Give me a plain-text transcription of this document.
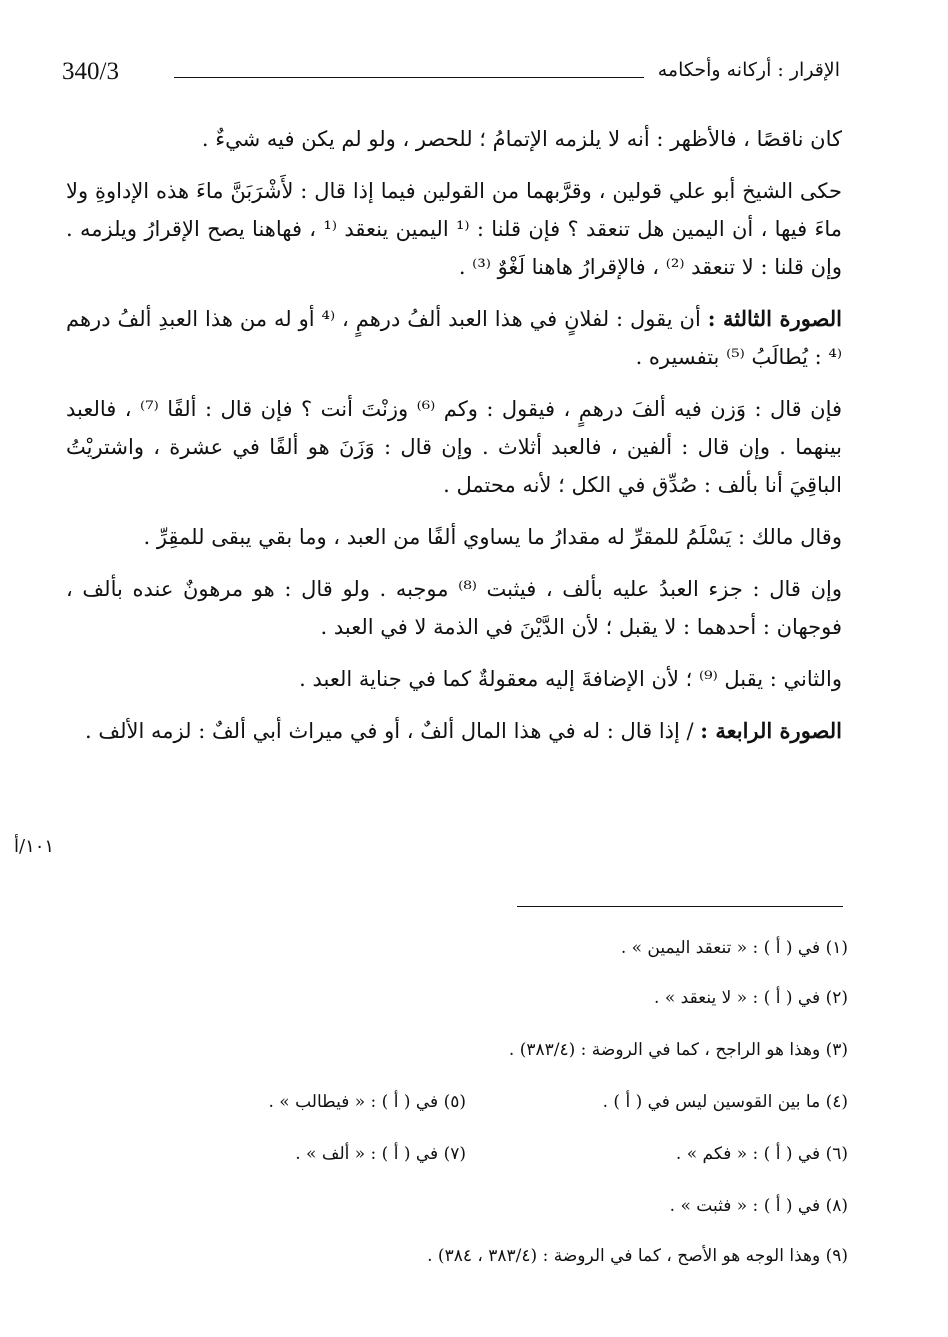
340/3	الإقرار : أركانه وأحكامه

كان ناقصًا ، فالأظهر : أنه لا يلزمه الإتمامُ ؛ للحصر ، ولو لم يكن فيه شيءٌ .

حكى الشيخ أبو علي قولين ، وقرَّبهما من القولين فيما إذا قال : لأَشْرَبَنَّ ماءَ هذه الإداوةِ ولا ماءَ فيها ، أن اليمين هل تنعقد ؟ فإن قلنا : ⁽¹ اليمين ينعقد ⁽¹ ، فهاهنا يصح الإقرارُ ويلزمه . وإن قلنا : لا تنعقد ⁽²⁾ ، فالإقرارُ هاهنا لَغْوٌ ⁽³⁾ .

الصورة الثالثة : أن يقول : لفلانٍ في هذا العبد ألفُ درهمٍ ، ⁽⁴ أو له من هذا العبدِ ألفُ درهم ⁽⁴ : يُطالَبُ ⁽⁵⁾ بتفسيره .

فإن قال : وَزن فيه ألفَ درهمٍ ، فيقول : وكم ⁽⁶⁾ وزنْتَ أنت ؟ فإن قال : ألفًا ⁽⁷⁾ ، فالعبد بينهما . وإن قال : ألفين ، فالعبد أثلاث . وإن قال : وَزَنَ هو ألفًا في عشرة ، واشتريْتُ الباقِيَ أنا بألف : صُدِّق في الكل ؛ لأنه محتمل .

وقال مالك : يَسْلَمُ للمقرِّ له مقدارُ ما يساوي ألفًا من العبد ، وما بقي يبقى للمقِرِّ .

وإن قال : جزء العبدُ عليه بألف ، فيثبت ⁽⁸⁾ موجبه . ولو قال : هو مرهونٌ عنده بألف ، فوجهان : أحدهما : لا يقبل ؛ لأن الدَّيْنَ في الذمة لا في العبد .

والثاني : يقبل ⁽⁹⁾ ؛ لأن الإضافةَ إليه معقولةٌ كما في جناية العبد .

الصورة الرابعة : / إذا قال : له في هذا المال ألفٌ ، أو في ميراث أبي ألفٌ : لزمه الألف .

١٠١/أ
(١) في ( أ ) : « تنعقد اليمين » .
(٢) في ( أ ) : « لا ينعقد » .
(٣) وهذا هو الراجح ، كما في الروضة : (٣٨٣/٤) .
(٤) ما بين القوسين ليس في ( أ ) .
(٥) في ( أ ) : « فيطالب » .
(٦) في ( أ ) : « فكم » .
(٧) في ( أ ) : « ألف » .
(٨) في ( أ ) : « فثبت » .
(٩) وهذا الوجه هو الأصح ، كما في الروضة : (٣٨٣/٤ ، ٣٨٤) .
